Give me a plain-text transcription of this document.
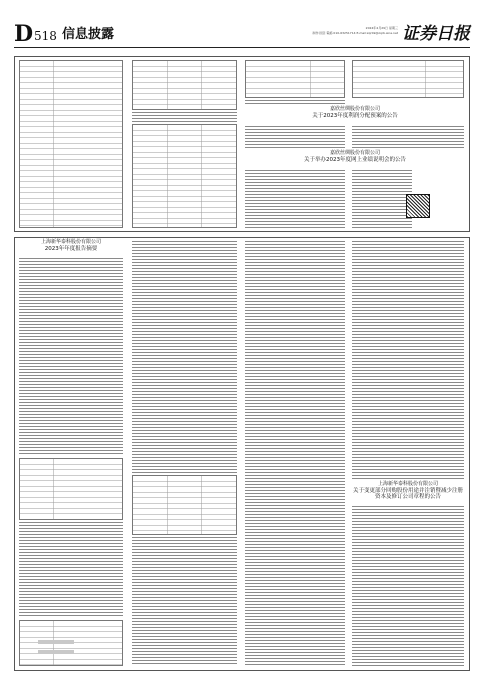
D 518 信息披露	2024年4月29日 星期三
制作:国章 電邮:010-63251714 E-mail:zqrb9@zqrb.sina.net 证券日报
嘉欣丝绸股份有限公司
关于2023年度利润分配预案的公告
嘉欣丝绸股份有限公司
关于举办2023年度网上业绩说明会的公告
上海新华泰科股份有限公司
2023年年度报告摘要
上海新华泰科股份有限公司
关于变更部分回购股份用途并注销暨减少注册资本及修订公司章程的公告
